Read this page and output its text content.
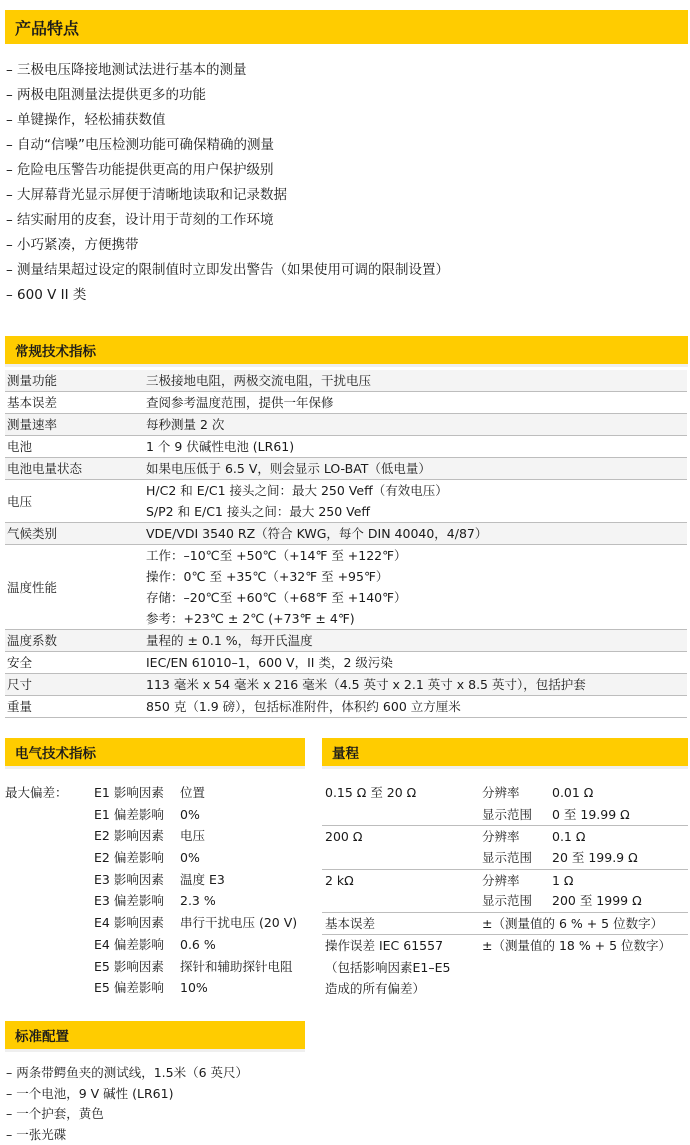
产品特点
– 三极电压降接地测试法进行基本的测量
– 两极电阻测量法提供更多的功能
– 单键操作，轻松捕获数值
– 自动“信噪”电压检测功能可确保精确的测量
– 危险电压警告功能提供更高的用户保护级别
– 大屏幕背光显示屏便于清晰地读取和记录数据
– 结实耐用的皮套，设计用于苛刻的工作环境
– 小巧紧凑，方便携带
– 测量结果超过设定的限制值时立即发出警告（如果使用可调的限制设置）
– 600 V II 类
常规技术指标
测量功能	三极接地电阻，两极交流电阻，干扰电压

基本误差	查阅参考温度范围，提供一年保修

测量速率	每秒测量 2 次

电池	1 个 9 伏碱性电池 (LR61)

电池电量状态	如果电压低于 6.5 V，则会显示 LO-BAT（低电量）

电压	H/C2 和 E/C1 接头之间：最大 250 Veff（有效电压）
S/P2 和 E/C1 接头之间：最大 250 Veff

气候类别	VDE/VDI 3540 RZ（符合 KWG，每个 DIN 40040，4/87）

温度性能	工作：–10℃至 +50℃（+14℉ 至 +122℉）
操作：0℃ 至 +35℃（+32℉ 至 +95℉）
存储：–20℃至 +60℃（+68℉ 至 +140℉）
参考：+23℃ ± 2℃ (+73℉ ± 4℉)

温度系数	量程的 ± 0.1 %，每开氏温度

安全	IEC/EN 61010–1，600 V，II 类，2 级污染

尺寸	113 毫米 x 54 毫米 x 216 毫米（4.5 英寸 x 2.1 英寸 x 8.5 英寸），包括护套

重量	850 克（1.9 磅），包括标准附件，体积约 600 立方厘米
电气技术指标
最大偏差： E1 影响因素 位置
E1 偏差影响 0%
E2 影响因素 电压
E2 偏差影响 0%
E3 影响因素 温度 E3
E3 偏差影响 2.3 %
E4 影响因素 串行干扰电压 (20 V)
E4 偏差影响 0.6 %
E5 影响因素 探针和辅助探针电阻
E5 偏差影响 10%
量程
0.15 Ω 至 20 Ω	分辨率	0.01 Ω
显示范围 0 至 19.99 Ω
200 Ω	分辨率	0.1 Ω
显示范围 20 至 199.9 Ω
2 kΩ	分辨率	1 Ω
显示范围 200 至 1999 Ω
基本误差	±（测量值的 6 % + 5 位数字）
操作误差 IEC 61557
（包括影响因素E1–E5
造成的所有偏差）
±（测量值的 18 % + 5 位数字）
标准配置
– 两条带鳄鱼夹的测试线，1.5米（6 英尺）
– 一个电池，9 V 碱性 (LR61)
– 一个护套，黄色
– 一张光碟
